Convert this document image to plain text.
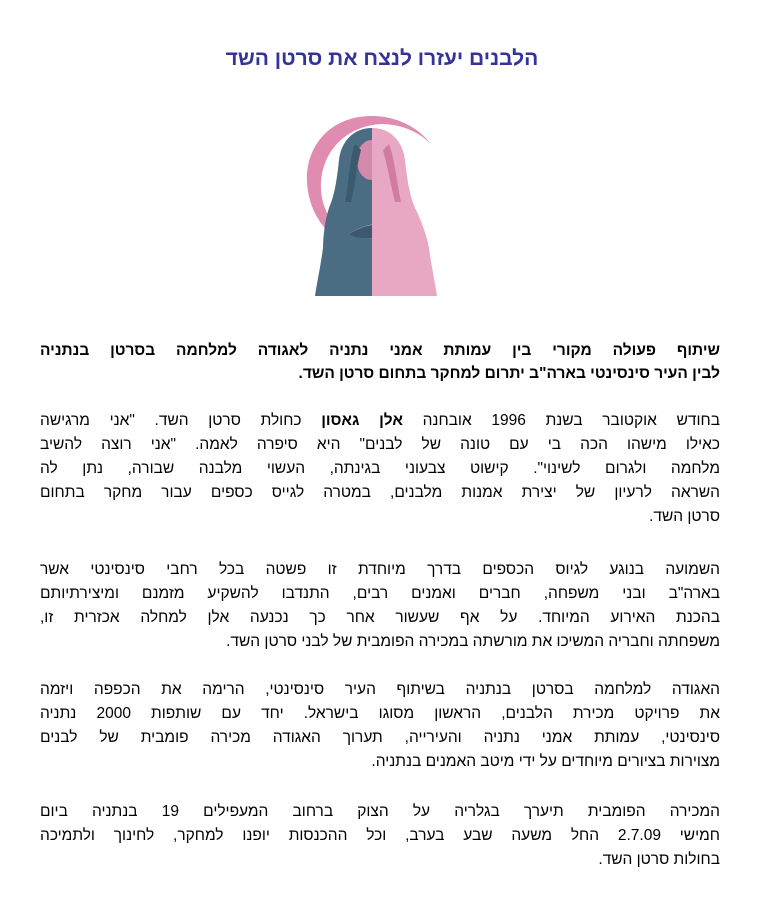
הלבנים יעזרו לנצח את סרטן השד

שיתוף פעולה מקורי בין עמותת אמני נתניה לאגודה למלחמה בסרטן בנתניה
לבין העיר סינסינטי בארה"ב יתרום למחקר בתחום סרטן השד.

בחודש אוקטובר בשנת 1996 אובחנה אלן גאסון כחולת סרטן השד. "אני מרגישה
כאילו מישהו הכה בי עם טונה של לבנים" היא סיפרה לאמה. "אני רוצה להשיב
מלחמה ולגרום לשינוי". קישוט צבעוני בגינתה, העשוי מלבנה שבורה, נתן לה
השראה לרעיון של יצירת אמנות מלבנים, במטרה לגייס כספים עבור מחקר בתחום
סרטן השד.

השמועה בנוגע לגיוס הכספים בדרך מיוחדת זו פשטה בכל רחבי סינסינטי אשר
בארה"ב ובני משפחה, חברים ואמנים רבים, התנדבו להשקיע מזמנם ומיצירתיותם
בהכנת האירוע המיוחד. על אף שעשור אחר כך נכנעה אלן למחלה אכזרית זו,
משפחתה וחבריה המשיכו את מורשתה במכירה הפומבית של לבני סרטן השד.

האגודה למלחמה בסרטן בנתניה בשיתוף העיר סינסינטי, הרימה את הכפפה ויזמה
את פרויקט מכירת הלבנים, הראשון מסוגו בישראל. יחד עם שותפות 2000 נתניה
סינסינטי, עמותת אמני נתניה והעירייה, תערוך האגודה מכירה פומבית של לבנים
מצוירות בציורים מיוחדים על ידי מיטב האמנים בנתניה.

המכירה הפומבית תיערך בגלריה על הצוק ברחוב המעפילים 19 בנתניה ביום
חמישי 2.7.09 החל משעה שבע בערב, וכל ההכנסות יופנו למחקר, לחינוך ולתמיכה
בחולות סרטן השד.
